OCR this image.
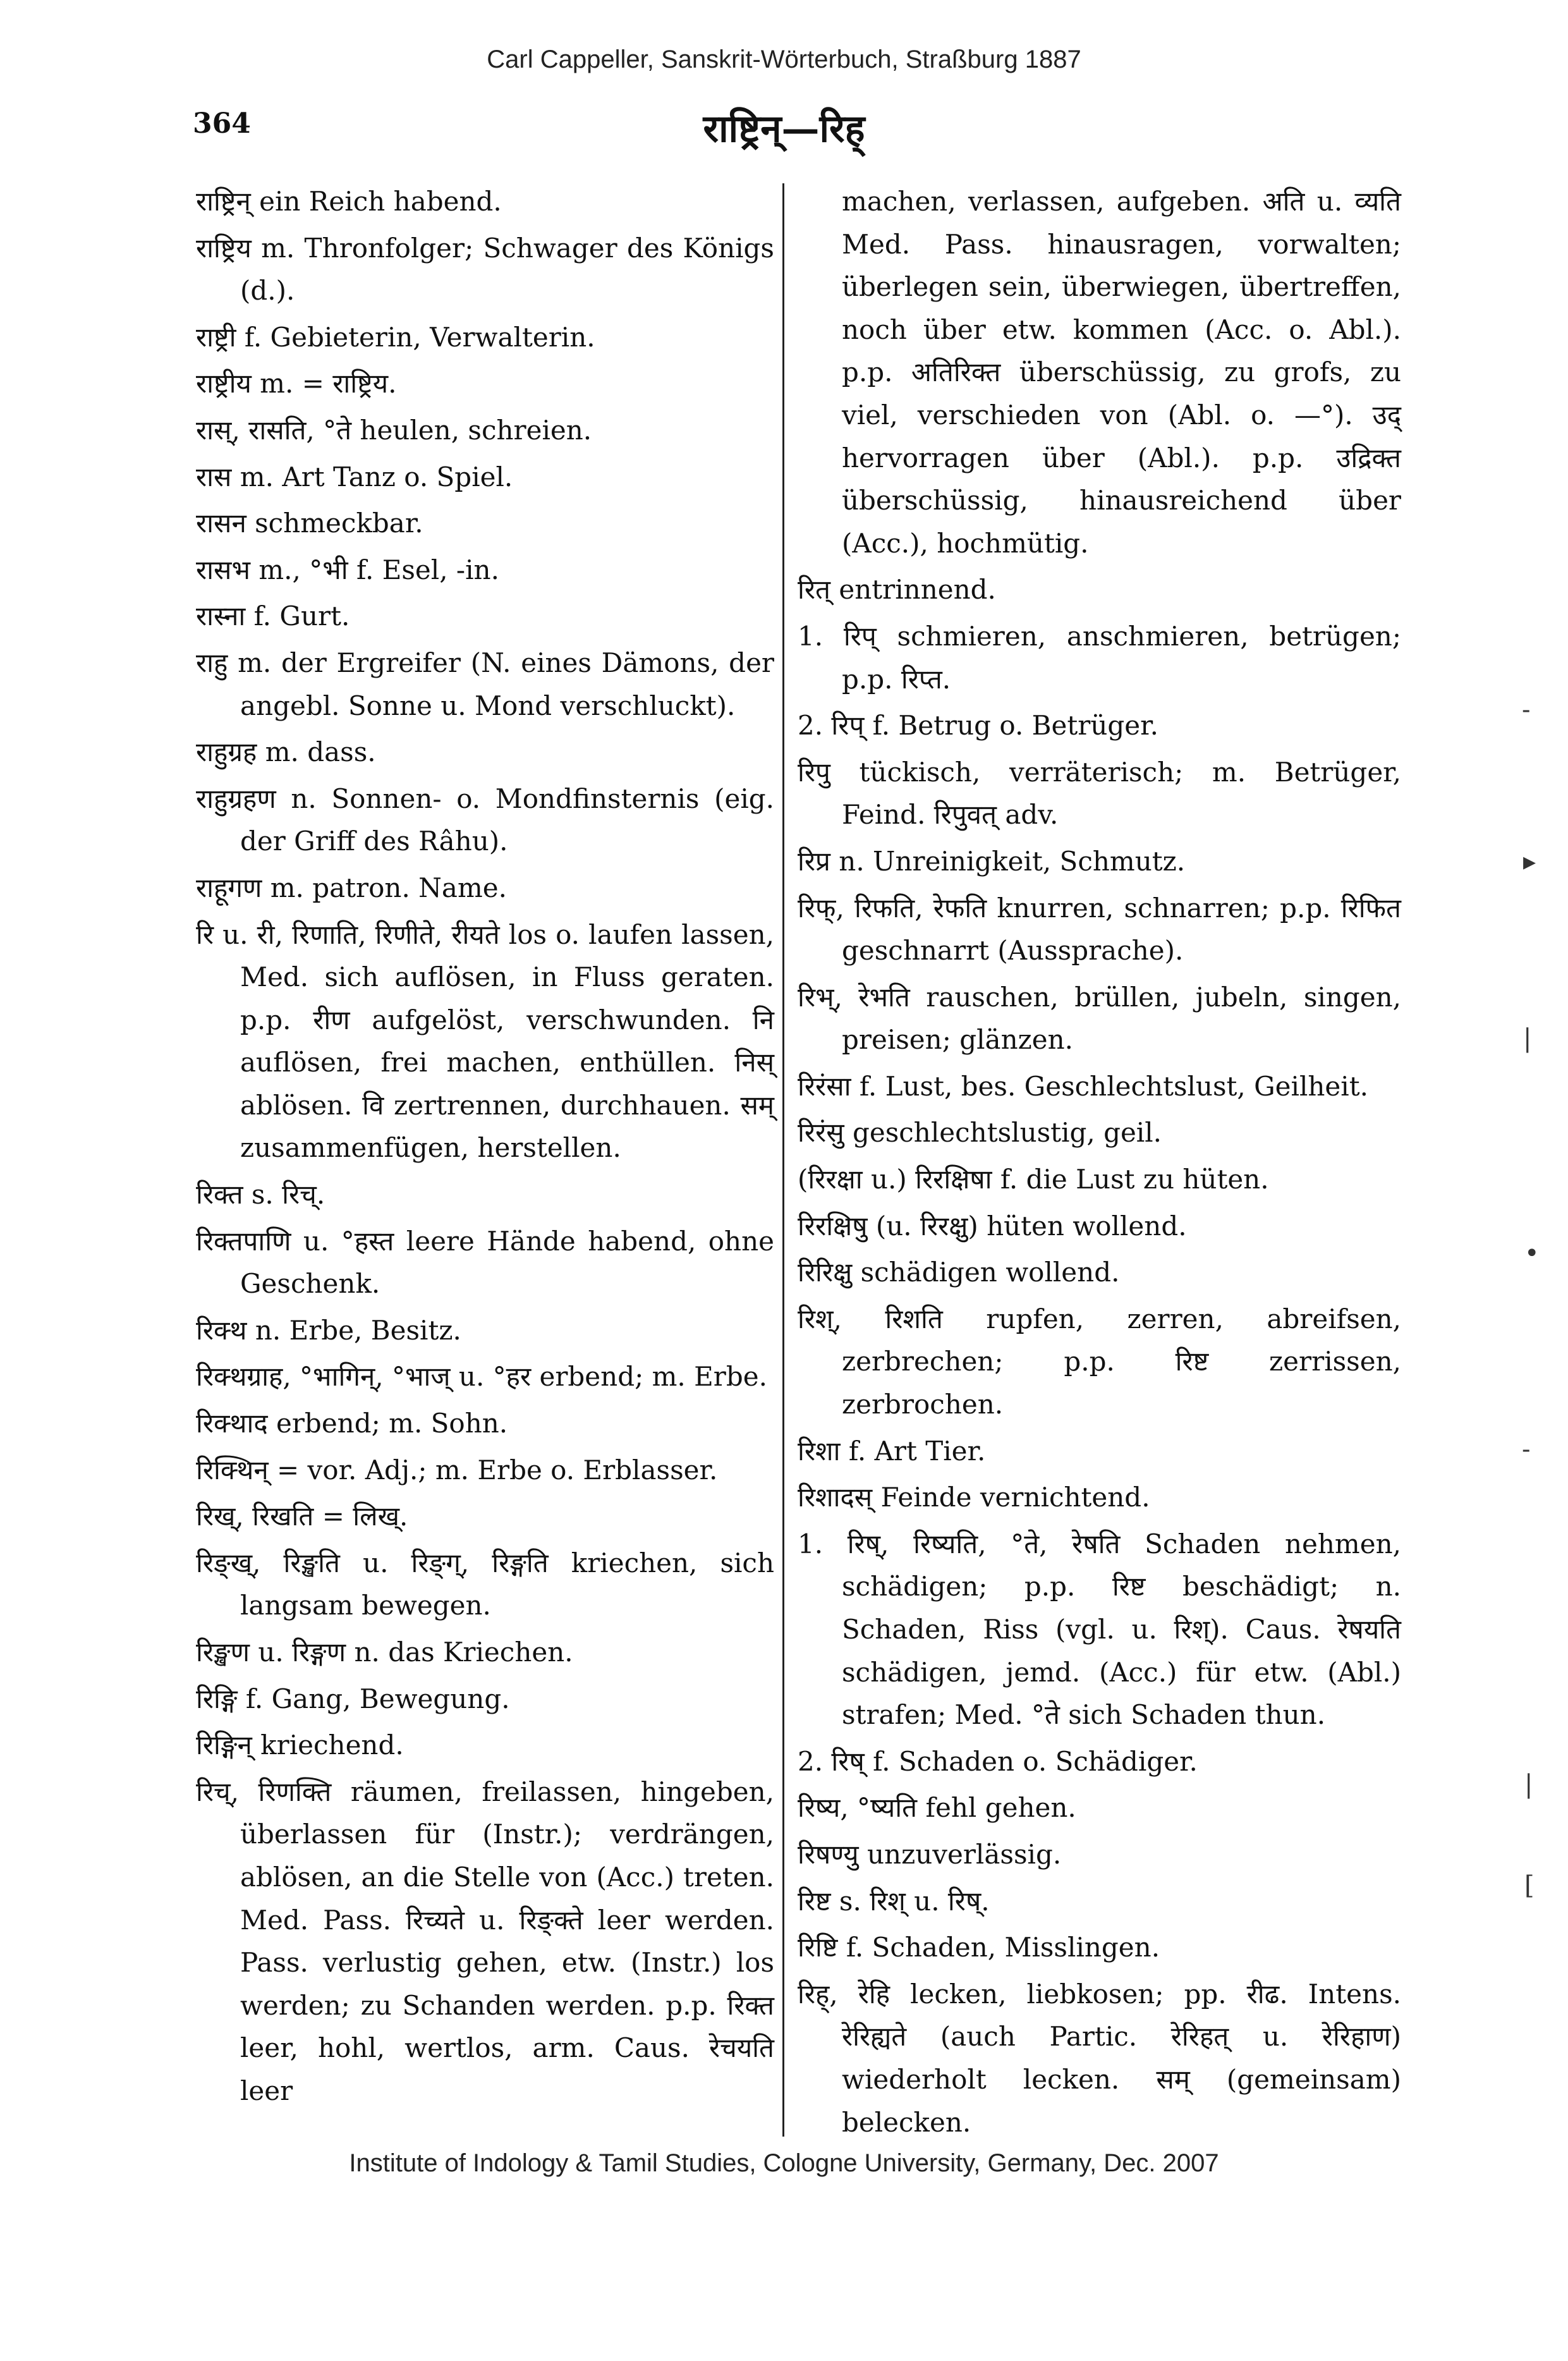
Carl Cappeller, Sanskrit-Wörterbuch, Straßburg 1887
364	राष्ट्रिन्—रिह्

राष्ट्रिन् ein Reich habend.

राष्ट्रिय m. Thronfolger; Schwager des Königs (d.).

राष्ट्री f. Gebieterin, Verwalterin.

राष्ट्रीय m. = राष्ट्रिय.

रास्, रासति, °ते heulen, schreien.

रास m. Art Tanz o. Spiel.

रासन schmeckbar.

रासभ m., °भी f. Esel, -in.

रास्ना f. Gurt.

राहु m. der Ergreifer (N. eines Dämons, der angebl. Sonne u. Mond verschluckt).

राहुग्रह m. dass.

राहुग्रहण n. Sonnen- o. Mondfinsternis (eig. der Griff des Râhu).

राहूगण m. patron. Name.

रि u. री, रिणाति, रिणीते, रीयते los o. laufen lassen, Med. sich auflösen, in Fluss geraten. p.p. रीण aufgelöst, verschwunden. नि auflösen, frei machen, enthüllen. निस् ablösen. वि zertrennen, durchhauen. सम् zusammenfügen, herstellen.

रिक्त s. रिच्.

रिक्तपाणि u. °हस्त leere Hände habend, ohne Geschenk.

रिक्थ n. Erbe, Besitz.

रिक्थग्राह, °भागिन्, °भाज् u. °हर erbend; m. Erbe.

रिक्थाद erbend; m. Sohn.

रिक्थिन् = vor. Adj.; m. Erbe o. Erblasser.

रिख्, रिखति = लिख्.

रिङ्ख्, रिङ्खति u. रिङ्ग्, रिङ्गति kriechen, sich langsam bewegen.

रिङ्खण u. रिङ्गण n. das Kriechen.

रिङ्गि f. Gang, Bewegung.

रिङ्गिन् kriechend.

रिच्, रिणक्ति räumen, freilassen, hingeben, überlassen für (Instr.); verdrängen, ablösen, an die Stelle von (Acc.) treten. Med. Pass. रिच्यते u. रिङ्क्ते leer werden. Pass. verlustig gehen, etw. (Instr.) los werden; zu Schanden werden. p.p. रिक्त leer, hohl, wertlos, arm. Caus. रेचयति leer

machen, verlassen, aufgeben. अति u. व्यति Med. Pass. hinausragen, vorwalten; überlegen sein, überwiegen, übertreffen, noch über etw. kommen (Acc. o. Abl.). p.p. अतिरिक्त überschüssig, zu grofs, zu viel, verschieden von (Abl. o. —°). उद् hervorragen über (Abl.). p.p. उद्रिक्त überschüssig, hinausreichend über (Acc.), hochmütig.

रित् entrinnend.

1. रिप् schmieren, anschmieren, betrügen; p.p. रिप्त.

2. रिप् f. Betrug o. Betrüger.

रिपु tückisch, verräterisch; m. Betrüger, Feind. रिपुवत् adv.

रिप्र n. Unreinigkeit, Schmutz.

रिफ्, रिफति, रेफति knurren, schnarren; p.p. रिफित geschnarrt (Aussprache).

रिभ्, रेभति rauschen, brüllen, jubeln, singen, preisen; glänzen.

रिरंसा f. Lust, bes. Geschlechtslust, Geilheit.

रिरंसु geschlechtslustig, geil.

(रिरक्षा u.) रिरक्षिषा f. die Lust zu hüten.

रिरक्षिषु (u. रिरक्षु) hüten wollend.

रिरिक्षु schädigen wollend.

रिश्, रिशति rupfen, zerren, abreifsen, zerbrechen; p.p. रिष्ट zerrissen, zerbrochen.

रिशा f. Art Tier.

रिशादस् Feinde vernichtend.

1. रिष्, रिष्यति, °ते, रेषति Schaden nehmen, schädigen; p.p. रिष्ट beschädigt; n. Schaden, Riss (vgl. u. रिश्). Caus. रेषयति schädigen, jemd. (Acc.) für etw. (Abl.) strafen; Med. °ते sich Schaden thun.

2. रिष् f. Schaden o. Schädiger.

रिष्य, °ष्यति fehl gehen.

रिषण्यु unzuverlässig.

रिष्ट s. रिश् u. रिष्.

रिष्टि f. Schaden, Misslingen.

रिह्, रेहि lecken, liebkosen; pp. रीढ. Intens. रेरिह्यते (auch Partic. रेरिहत् u. रेरिहाण) wiederholt lecken. सम् (gemeinsam) belecken.

-
▸
|
•
-
|
[
Institute of Indology & Tamil Studies, Cologne University, Germany, Dec. 2007
